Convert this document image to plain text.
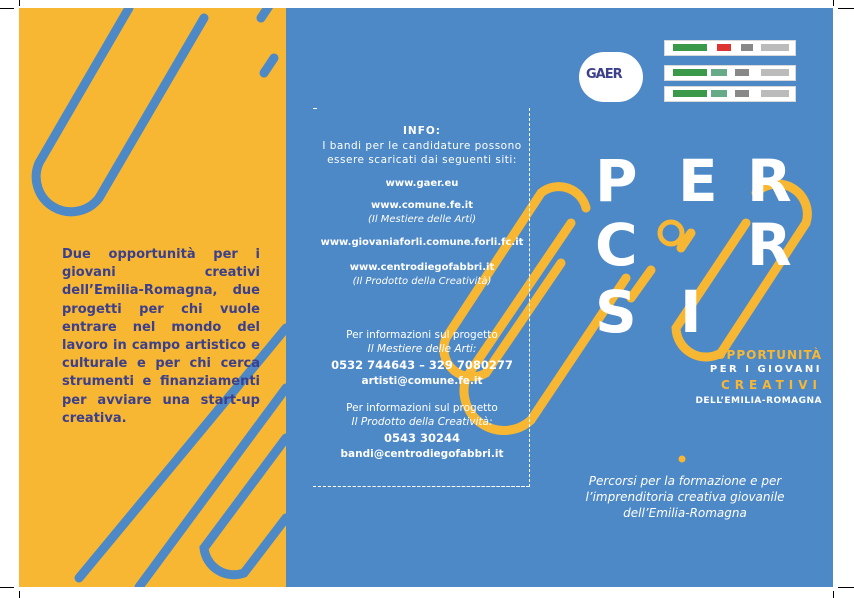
Due opportunità per i giovani creativi dell’Emilia-Romagna, due progetti per chi vuole entrare nel mondo del lavoro in campo artistico e culturale e per chi cerca strumenti e finanziamenti per avviare una start-up creativa.
INFO:
I bandi per le candidature possono
essere scaricati dai seguenti siti:
www.gaer.eu
www.comune.fe.it
(Il Mestiere delle Arti)
www.giovaniaforli.comune.forli.fc.it
www.centrodiegofabbri.it
(Il Prodotto della Creatività)
Per informazioni sul progetto
Il Mestiere delle Arti:
0532 744643 – 329 7080277
artisti@comune.fe.it
Per informazioni sul progetto
Il Prodotto della Creatività:
0543 30244
bandi@centrodiegofabbri.it
GAER
P E R
C R
S I
OPPORTUNITÀ
PER I GIOVANI
CREATIVI
DELL’EMILIA-ROMAGNA
Percorsi per la formazione e per
l’imprenditoria creativa giovanile
dell’Emilia-Romagna
